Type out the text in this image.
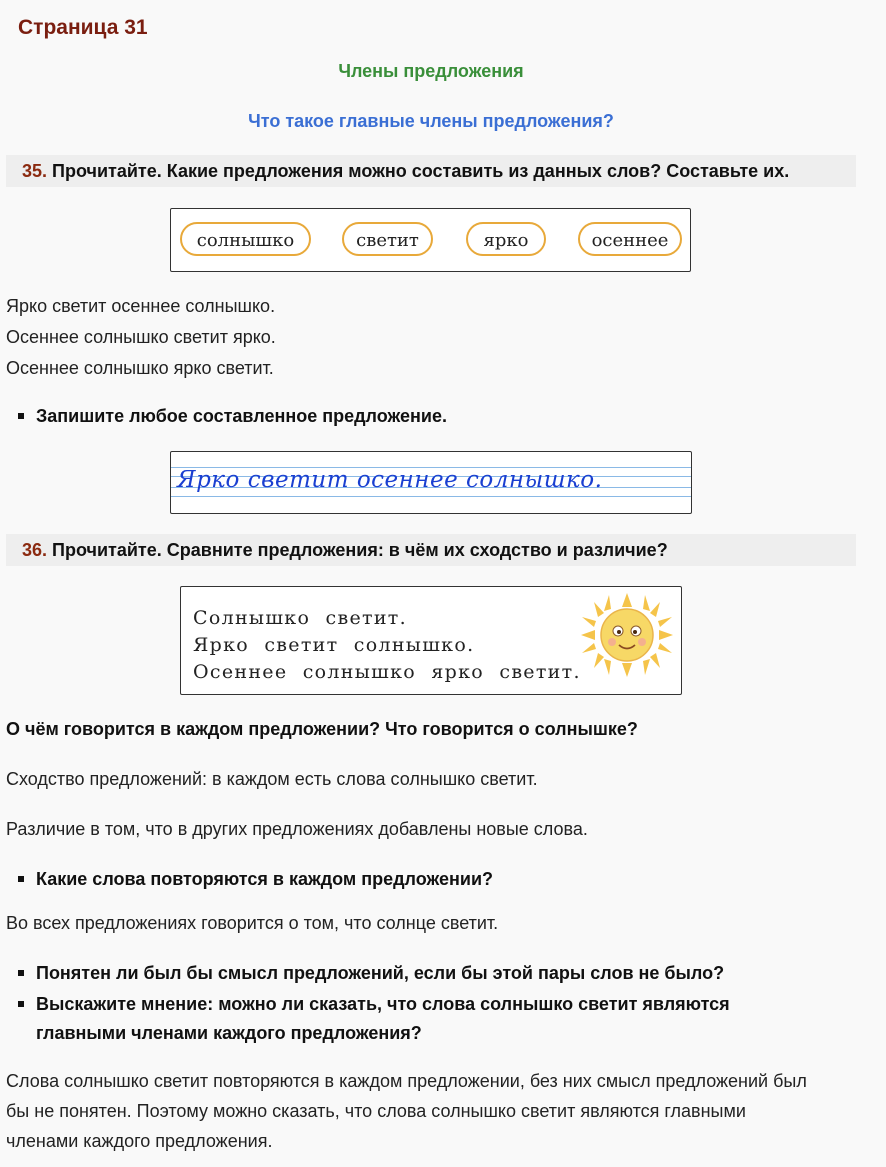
Страница 31
Члены предложения
Что такое главные члены предложения?
35. Прочитайте. Какие предложения можно составить из данных слов? Составьте их.
солнышко	светит	ярко	осеннее
Ярко светит осеннее солнышко.
Осеннее солнышко светит ярко.
Осеннее солнышко ярко светит.
Запишите любое составленное предложение.
Ярко светит осеннее солнышко.
36. Прочитайте. Сравните предложения: в чём их сходство и различие?
Солнышко светит.
Ярко светит солнышко.
Осеннее солнышко ярко светит.
О чём говорится в каждом предложении? Что говорится о солнышке?
Сходство предложений: в каждом есть слова солнышко светит.
Различие в том, что в других предложениях добавлены новые слова.
Какие слова повторяются в каждом предложении?
Во всех предложениях говорится о том, что солнце светит.
Понятен ли был бы смысл предложений, если бы этой пары слов не было?
Выскажите мнение: можно ли сказать, что слова солнышко светит являются
главными членами каждого предложения?
Слова солнышко светит повторяются в каждом предложении, без них смысл предложений был
бы не понятен. Поэтому можно сказать, что слова солнышко светит являются главными
членами каждого предложения.
